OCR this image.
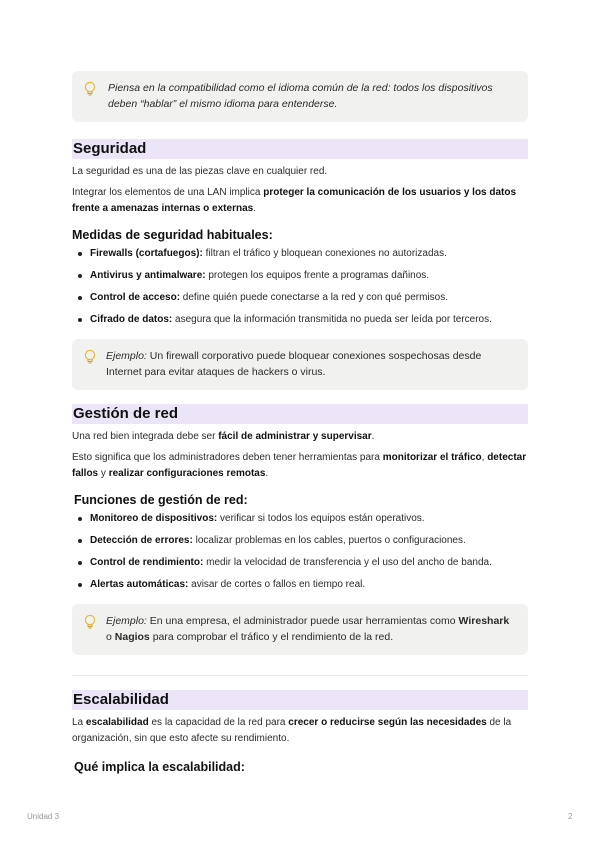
Piensa en la compatibilidad como el idioma común de la red: todos los dispositivos deben “hablar” el mismo idioma para entenderse.
Seguridad
La seguridad es una de las piezas clave en cualquier red.
Integrar los elementos de una LAN implica proteger la comunicación de los usuarios y los datos frente a amenazas internas o externas.
Medidas de seguridad habituales:
Firewalls (cortafuegos): filtran el tráfico y bloquean conexiones no autorizadas.
Antivirus y antimalware: protegen los equipos frente a programas dañinos.
Control de acceso: define quién puede conectarse a la red y con qué permisos.
Cifrado de datos: asegura que la información transmitida no pueda ser leída por terceros.
Ejemplo: Un firewall corporativo puede bloquear conexiones sospechosas desde Internet para evitar ataques de hackers o virus.
Gestión de red
Una red bien integrada debe ser fácil de administrar y supervisar.
Esto significa que los administradores deben tener herramientas para monitorizar el tráfico, detectar fallos y realizar configuraciones remotas.
Funciones de gestión de red:
Monitoreo de dispositivos: verificar si todos los equipos están operativos.
Detección de errores: localizar problemas en los cables, puertos o configuraciones.
Control de rendimiento: medir la velocidad de transferencia y el uso del ancho de banda.
Alertas automáticas: avisar de cortes o fallos en tiempo real.
Ejemplo: En una empresa, el administrador puede usar herramientas como Wireshark o Nagios para comprobar el tráfico y el rendimiento de la red.
Escalabilidad
La escalabilidad es la capacidad de la red para crecer o reducirse según las necesidades de la organización, sin que esto afecte su rendimiento.
Qué implica la escalabilidad:
Unidad 3	2
